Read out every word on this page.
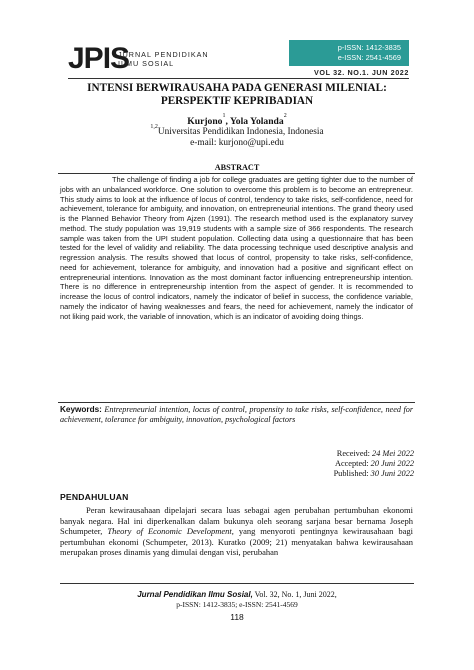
JPIS
JURNAL PENDIDIKAN
ILMU SOSIAL
p-ISSN: 1412-3835
e-ISSN: 2541-4569
VOL 32. NO.1. JUN 2022
INTENSI BERWIRAUSAHA PADA GENERASI MILENIAL:
PERSPEKTIF KEPRIBADIAN
Kurjono$^1$, Yola Yolanda$^2$
$^{1,2}$Universitas Pendidikan Indonesia, Indonesia
e-mail: kurjono@upi.edu
ABSTRACT
The challenge of finding a job for college graduates are getting tighter due to the number of jobs with an unbalanced workforce. One solution to overcome this problem is to become an entrepreneur. This study aims to look at the influence of locus of control, tendency to take risks, self-confidence, need for achievement, tolerance for ambiguity, and innovation, on entrepreneurial intentions. The grand theory used is the Planned Behavior Theory from Ajzen (1991). The research method used is the explanatory survey method. The study population was 19,919 students with a sample size of 366 respondents. The research sample was taken from the UPI student population. Collecting data using a questionnaire that has been tested for the level of validity and reliability. The data processing technique used descriptive analysis and regression analysis. The results showed that locus of control, propensity to take risks, self-confidence, need for achievement, tolerance for ambiguity, and innovation had a positive and significant effect on entrepreneurial intentions. Innovation as the most dominant factor influencing entrepreneurship intention. There is no difference in entrepreneurship intention from the aspect of gender. It is recommended to increase the locus of control indicators, namely the indicator of belief in success, the confidence variable, namely the indicator of having weaknesses and fears, the need for achievement, namely the indicator of not liking paid work, the variable of innovation, which is an indicator of avoiding doing things.
Keywords: Entrepreneurial intention, locus of control, propensity to take risks, self-confidence, need for achievement, tolerance for ambiguity, innovation, psychological factors
Received: 24 Mei 2022
Accepted: 20 Juni 2022
Published: 30 Juni 2022
PENDAHULUAN
Peran kewirausahaan dipelajari secara luas sebagai agen perubahan pertumbuhan ekonomi banyak negara. Hal ini diperkenalkan dalam bukunya oleh seorang sarjana besar bernama Joseph Schumpeter, Theory of Economic Development, yang menyoroti pentingnya kewirausahaan bagi pertumbuhan ekonomi (Schumpeter, 2013). Kuratko (2009; 21) menyatakan bahwa kewirausahaan merupakan proses dinamis yang dimulai dengan visi, perubahan
Jurnal Pendidikan Ilmu Sosial, Vol. 32, No. 1, Juni 2022,
p-ISSN: 1412-3835; e-ISSN: 2541-4569
118
